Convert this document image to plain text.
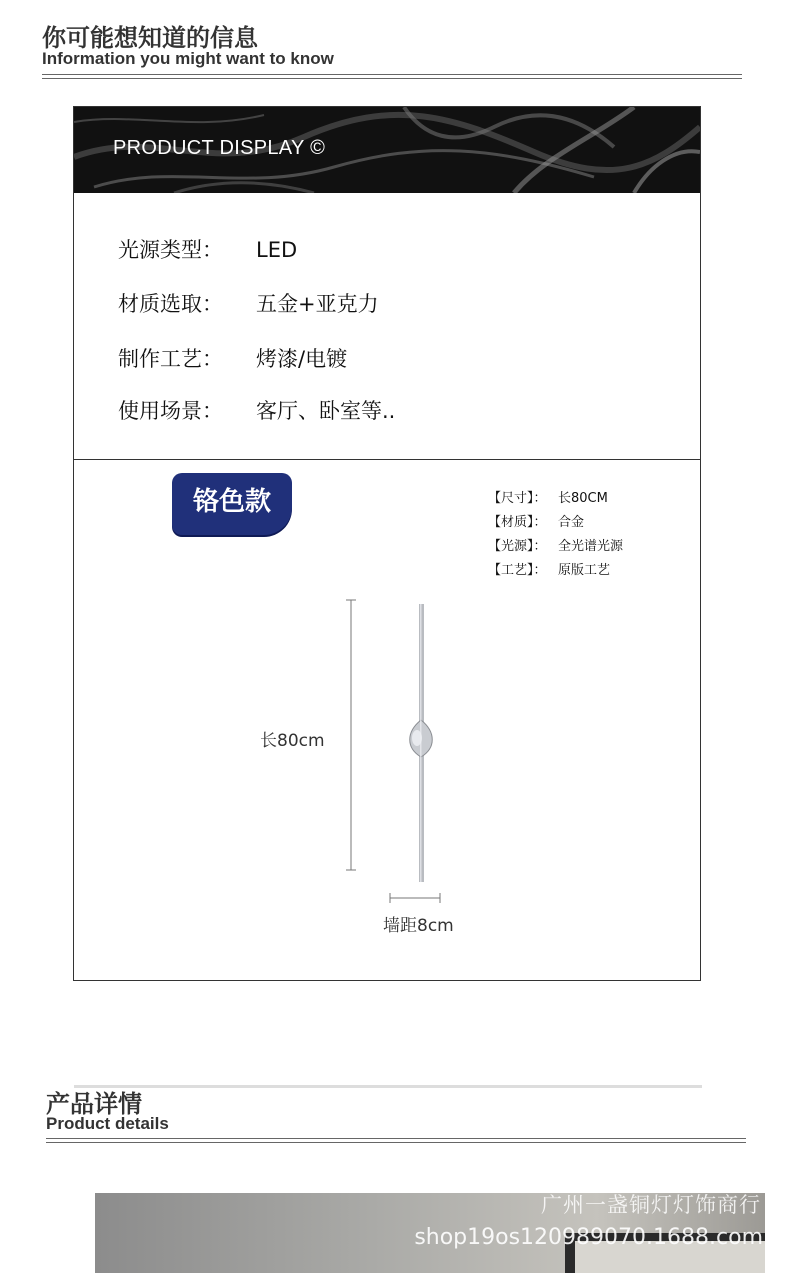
你可能想知道的信息
Information you might want to know
PRODUCT DISPLAY ©
光源类型： LED
材质选取： 五金+亚克力
制作工艺： 烤漆/电镀
使用场景： 客厅、卧室等..
铬色款	【尺寸】： 长80CM
【材质】： 合金
【光源】： 全光谱光源
【工艺】： 原版工艺
长80cm
墙距8cm
产品详情
Product details
广州一盏铜灯灯饰商行
shop19os120989070.1688.com
